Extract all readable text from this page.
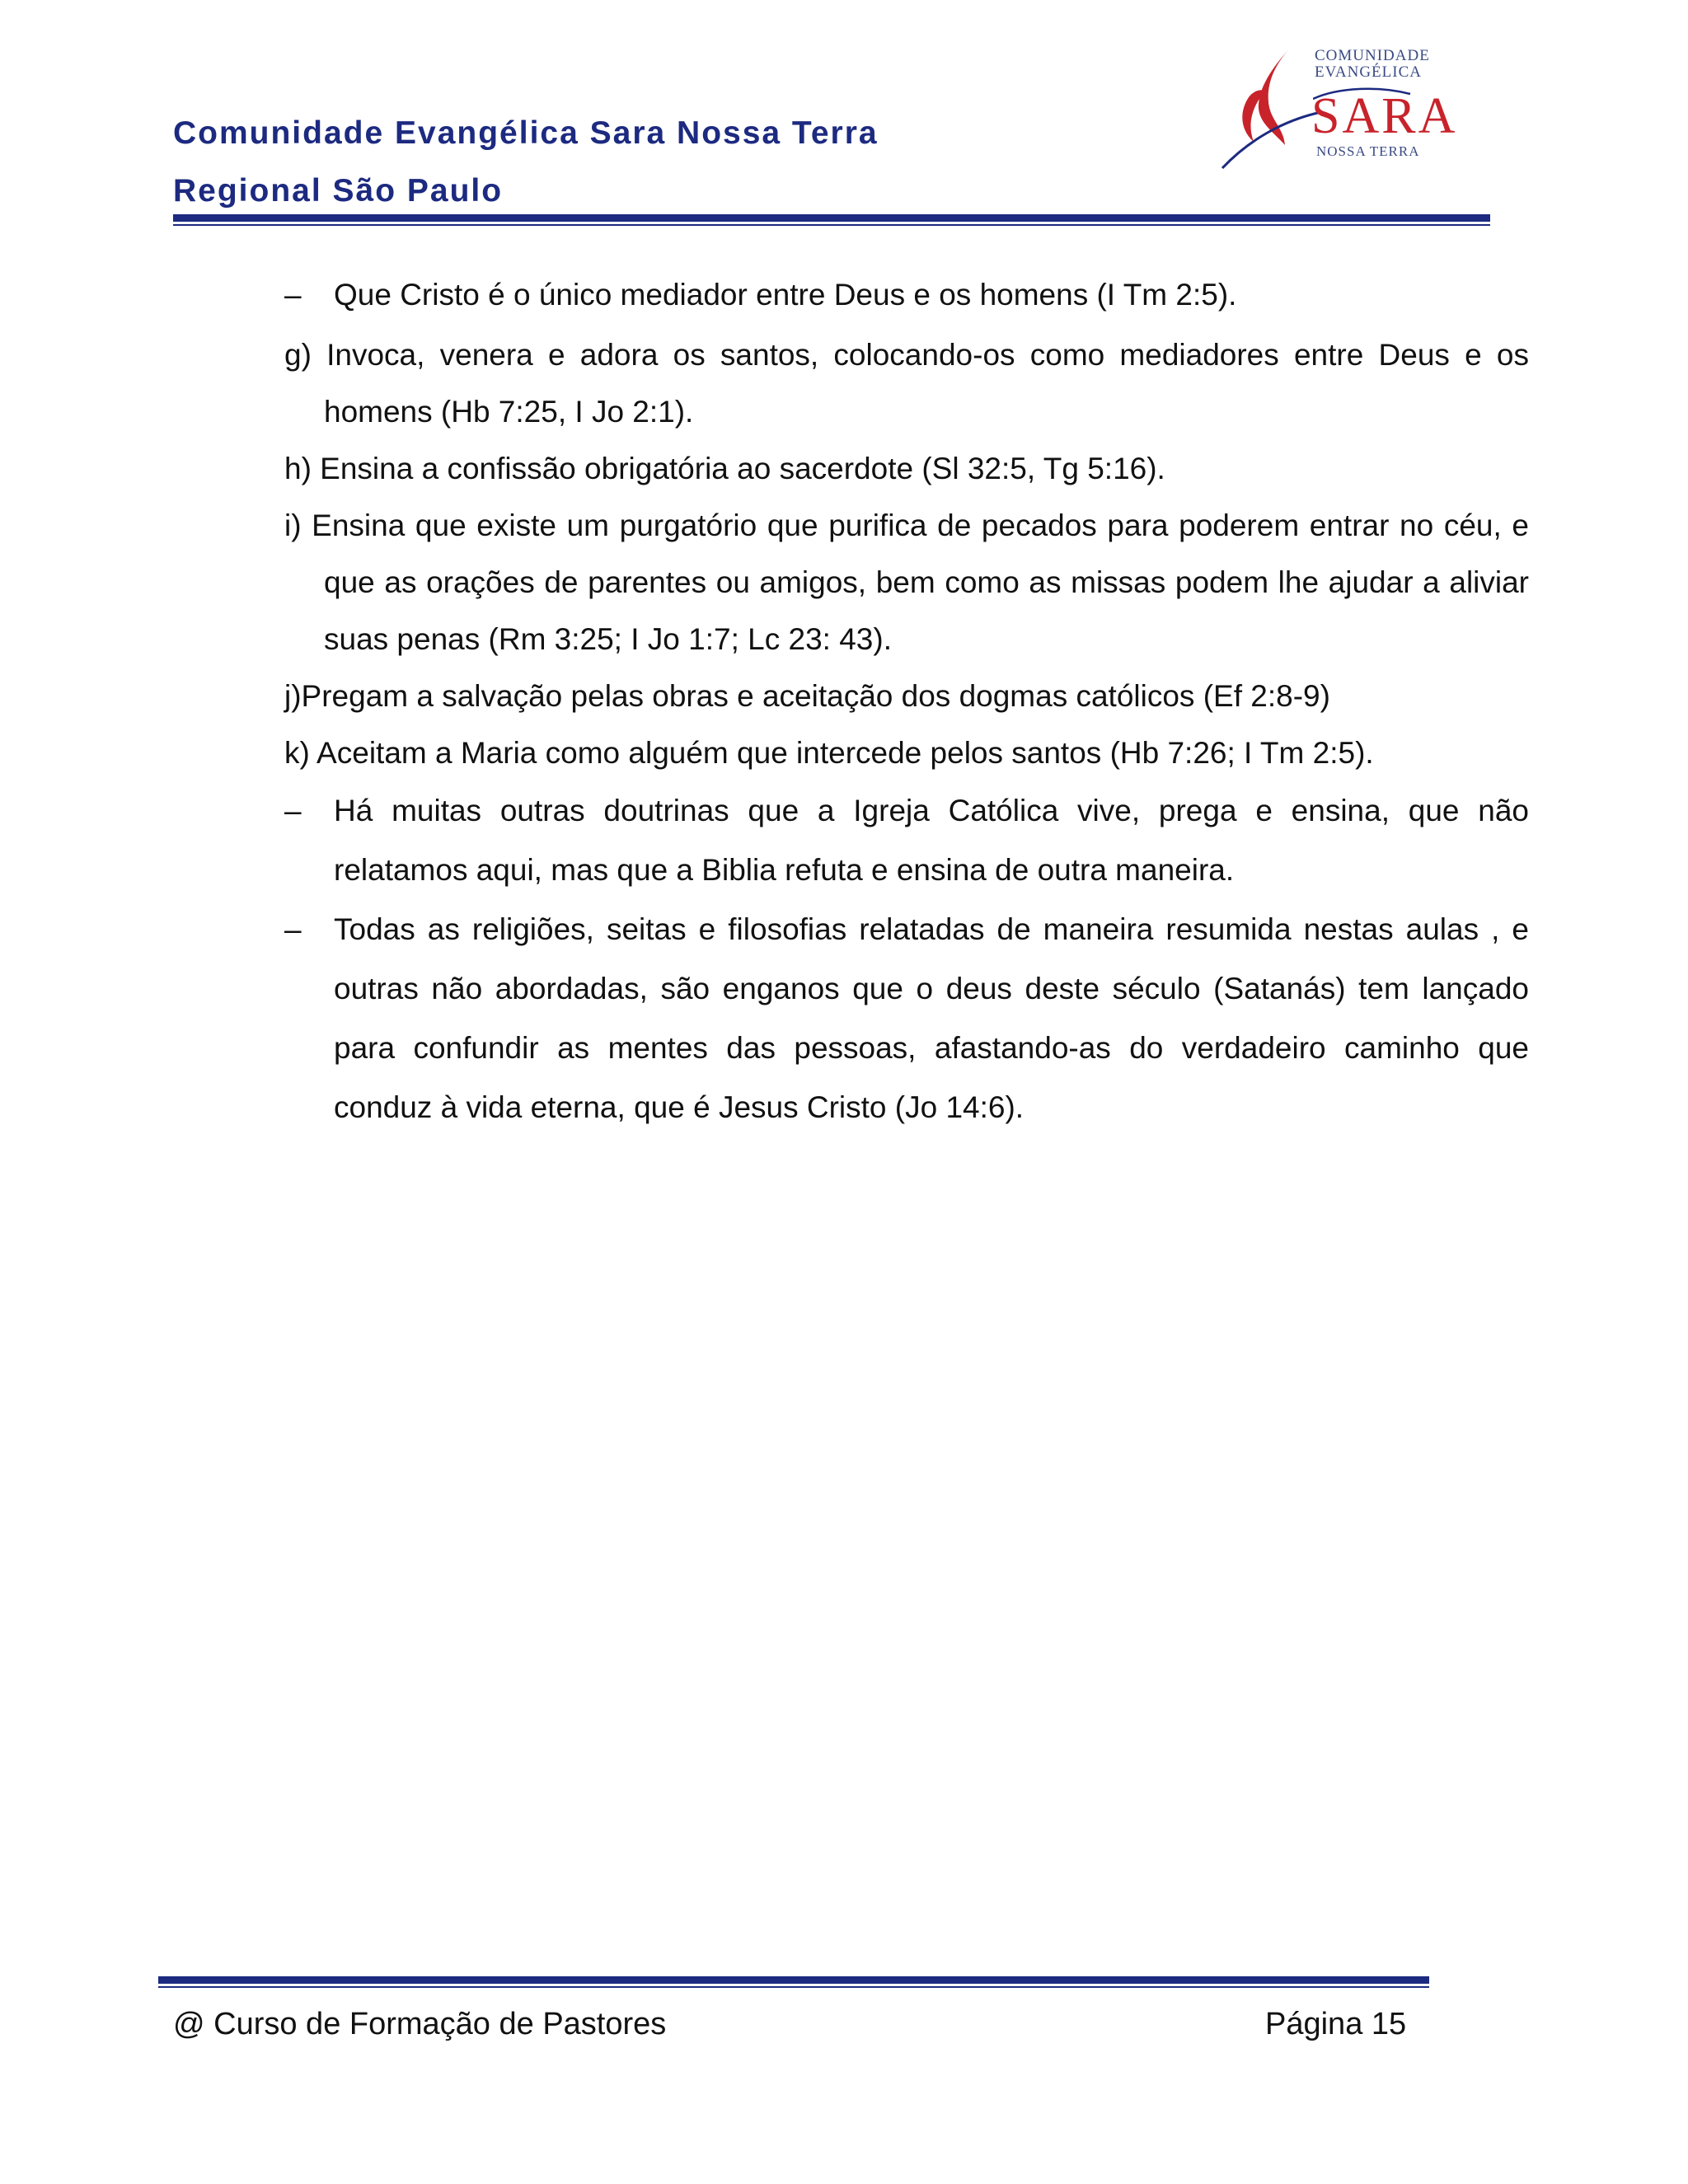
Comunidade Evangélica Sara Nossa Terra
Regional São Paulo
COMUNIDADE
EVANGÉLICA
SARA
NOSSA TERRA
– Que Cristo é o único mediador entre Deus e os homens (I Tm 2:5).
g) Invoca, venera e adora os santos, colocando-os como mediadores entre Deus e os homens (Hb 7:25, I Jo 2:1).
h) Ensina a confissão obrigatória ao sacerdote (Sl 32:5, Tg 5:16).
i) Ensina que existe um purgatório que purifica de pecados para poderem entrar no céu, e que as orações de parentes ou amigos, bem como as missas podem lhe ajudar a aliviar suas penas (Rm 3:25; I Jo 1:7; Lc 23: 43).
j)Pregam a salvação pelas obras e aceitação dos dogmas católicos (Ef 2:8-9)
k) Aceitam a Maria como alguém que intercede pelos santos (Hb 7:26; I Tm 2:5).
– Há muitas outras doutrinas que a Igreja Católica vive, prega e ensina, que não relatamos aqui, mas que a Biblia refuta e ensina de outra maneira.
– Todas as religiões, seitas e filosofias relatadas de maneira resumida nestas aulas , e outras não abordadas, são enganos que o deus deste século (Satanás) tem lançado para confundir as mentes das pessoas, afastando-as do verdadeiro caminho que conduz à vida eterna, que é Jesus Cristo (Jo 14:6).
@ Curso de Formação de Pastores	Página 15
